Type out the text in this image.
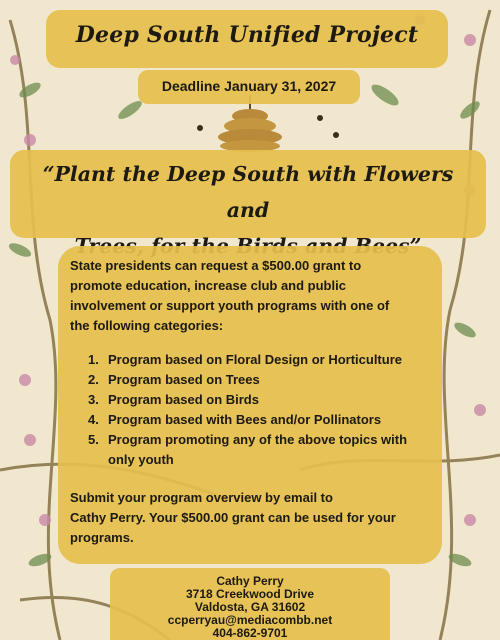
Deep South Unified Project
Deadline January 31, 2027
“Plant the Deep South with Flowers and
State presidents can request a $500.00 grant to
promote education, increase club and public
involvement or support youth programs with one of
the following categories:
1. Program based on Floral Design or Horticulture
2. Program based on Trees
3. Program based on Birds
4. Program based with Bees and/or Pollinators
5. Program promoting any of the above topics with
only youth
Submit your program overview by email to
Cathy Perry. Your $500.00 grant can be used for your
programs.
Cathy Perry
3718 Creekwood Drive
Valdosta, GA 31602
ccperryau@mediacombb.net
404-862-9701
